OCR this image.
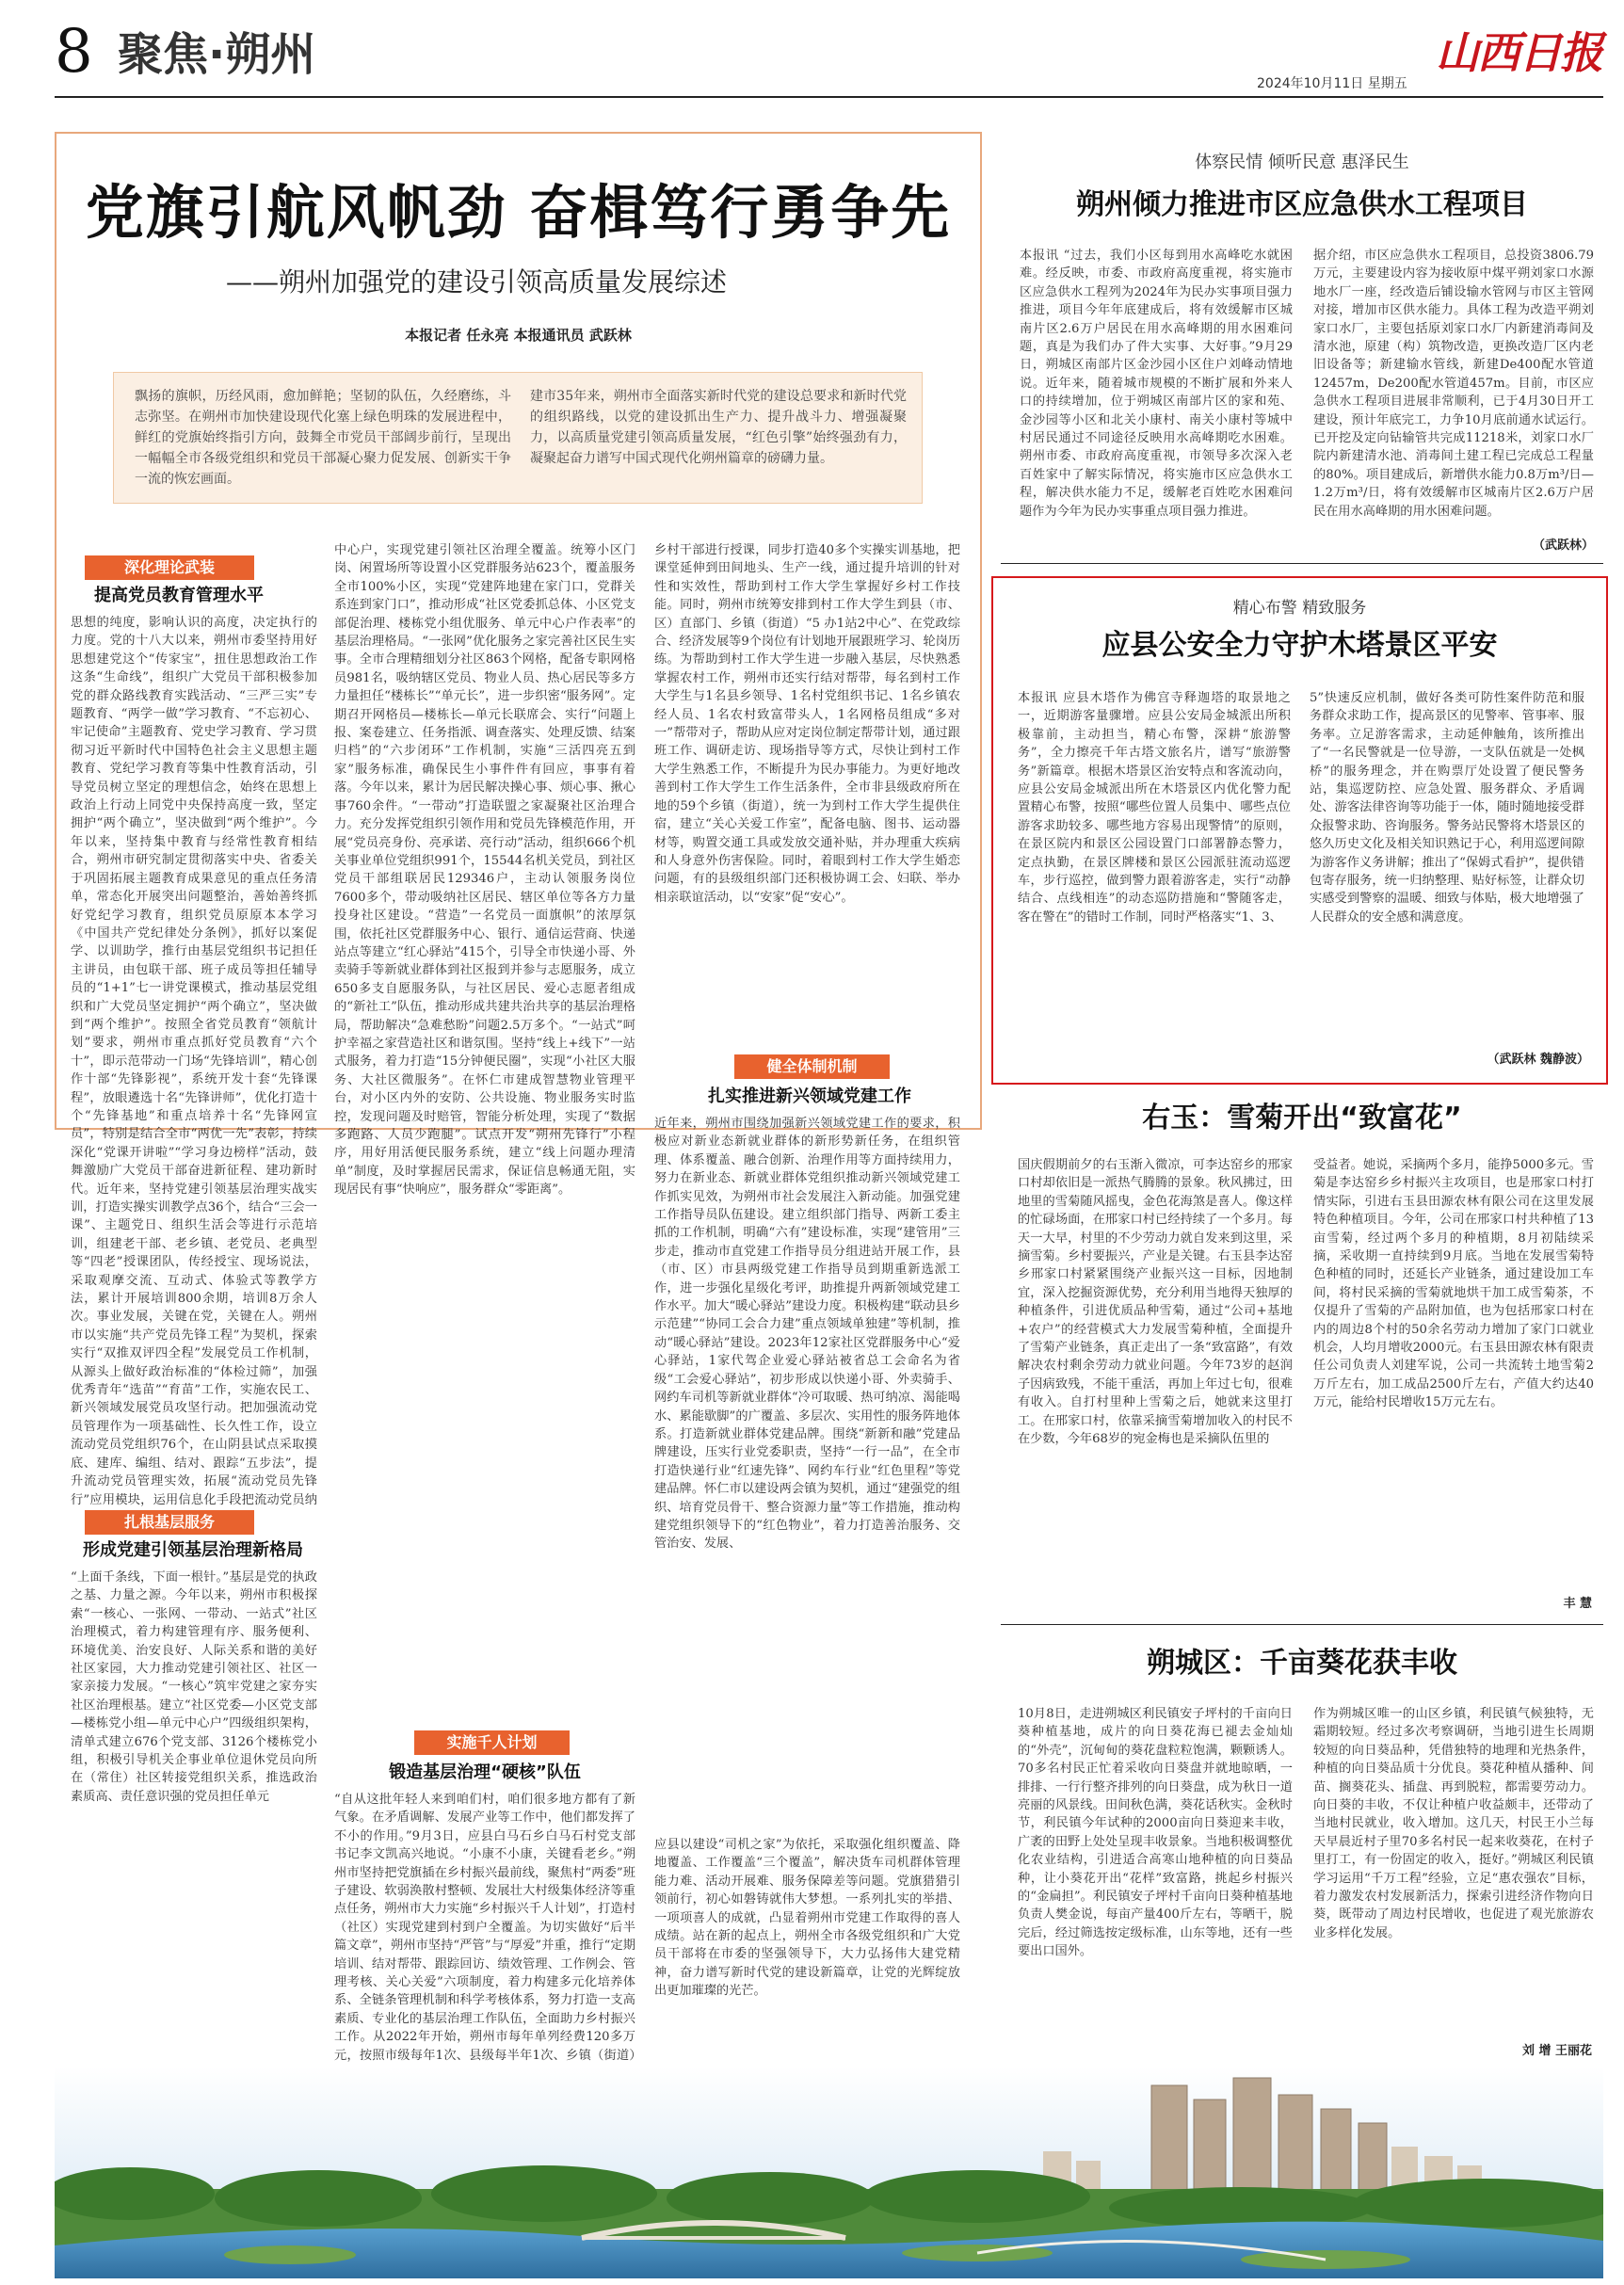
8 聚焦·朔州
2024年10月11日 星期五
山西日报
党旗引航风帆劲 奋楫笃行勇争先
——朔州加强党的建设引领高质量发展综述
本报记者 任永亮 本报通讯员 武跃林

飘扬的旗帜，历经风雨，愈加鲜艳；坚韧的队伍，久经磨练，斗志弥坚。在朔州市加快建设现代化塞上绿色明珠的发展进程中，鲜红的党旗始终指引方向，鼓舞全市党员干部阔步前行，呈现出一幅幅全市各级党组织和党员干部凝心聚力促发展、创新实干争一流的恢宏画面。

建市35年来，朔州市全面落实新时代党的建设总要求和新时代党的组织路线，以党的建设抓出生产力、提升战斗力、增强凝聚力，以高质量党建引领高质量发展，“红色引擎”始终强劲有力，凝聚起奋力谱写中国式现代化朔州篇章的磅礴力量。

深化理论武装
提高党员教育管理水平

思想的纯度，影响认识的高度，决定执行的力度。党的十八大以来，朔州市委坚持用好思想建党这个“传家宝”，扭住思想政治工作这条“生命线”，组织广大党员干部积极参加党的群众路线教育实践活动、“三严三实”专题教育、“两学一做”学习教育、“不忘初心、牢记使命”主题教育、党史学习教育、学习贯彻习近平新时代中国特色社会主义思想主题教育、党纪学习教育等集中性教育活动，引导党员树立坚定的理想信念，始终在思想上政治上行动上同党中央保持高度一致，坚定拥护“两个确立”，坚决做到“两个维护”。今年以来，坚持集中教育与经常性教育相结合，朔州市研究制定贯彻落实中央、省委关于巩固拓展主题教育成果意见的重点任务清单，常态化开展突出问题整治，善始善终抓好党纪学习教育，组织党员原原本本学习《中国共产党纪律处分条例》，抓好以案促学、以训助学，推行由基层党组织书记担任主讲员，由包联干部、班子成员等担任辅导员的“1+1”七一讲党课模式，推动基层党组织和广大党员坚定拥护“两个确立”，坚决做到“两个维护”。按照全省党员教育“领航计划”要求，朔州市重点抓好党员教育“六个十”，即示范带动一门场“先锋培训”，精心创作十部“先锋影视”，系统开发十套“先锋课程”，放眼遴选十名“先锋讲师”，优化打造十个“先锋基地”和重点培养十名“先锋网宣员”，特别是结合全市“两优一先”表彰，持续深化“党课开讲啦”“学习身边榜样”活动，鼓舞激励广大党员干部奋进新征程、建功新时代。近年来，坚持党建引领基层治理实战实训，打造实操实训教学点36个，结合“三会一课”、主题党日、组织生活会等进行示范培训，组建老干部、老乡镇、老党员、老典型等“四老”授课团队，传经授宝、现场说法，采取观摩交流、互动式、体验式等教学方法，累计开展培训800余期，培训8万余人次。事业发展，关键在党，关键在人。朔州市以实施“共产党员先锋工程”为契机，探索实行“双推双评四全程”发展党员工作机制，从源头上做好政治标准的“体检过筛”，加强优秀青年“选苗”“育苗”工作，实施农民工、新兴领域发展党员攻坚行动。把加强流动党员管理作为一项基础性、长久性工作，设立流动党员党组织76个，在山阴县试点采取摸底、建库、编组、结对、跟踪“五步法”，提升流动党员管理实效，拓展“流动党员先锋行”应用模块，运用信息化手段把流动党员纳

扎根基层服务
形成党建引领基层治理新格局

“上面千条线，下面一根针。”基层是党的执政之基、力量之源。今年以来，朔州市积极探索“一核心、一张网、一带动、一站式”社区治理模式，着力构建管理有序、服务便利、环境优美、治安良好、人际关系和谐的美好社区家园，大力推动党建引领社区、社区一家亲接力发展。“一核心”筑牢党建之家夯实社区治理根基。建立“社区党委—小区党支部—楼栋党小组—单元中心户”四级组织架构，清单式建立676个党支部、3126个楼栋党小组，积极引导机关企事业单位退休党员向所在（常住）社区转接党组织关系，推选政治素质高、责任意识强的党员担任单元

中心户，实现党建引领社区治理全覆盖。统筹小区门岗、闲置场所等设置小区党群服务站623个，覆盖服务全市100%小区，实现“党建阵地建在家门口，党群关系连到家门口”，推动形成“社区党委抓总体、小区党支部促治理、楼栋党小组优服务、单元中心户作表率”的基层治理格局。“一张网”优化服务之家完善社区民生实事。全市合理精细划分社区863个网格，配备专职网格员981名，吸纳辖区党员、物业人员、热心居民等多方力量担任“楼栋长”“单元长”，进一步织密“服务网”。定期召开网格员—楼栋长—单元长联席会、实行“问题上报、案卷建立、任务指派、调查落实、处理反馈、结案归档”的“六步闭环”工作机制，实施“三活四亮五到家”服务标准，确保民生小事件件有回应，事事有着落。今年以来，累计为居民解决操心事、烦心事、揪心事760余件。“一带动”打造联盟之家凝聚社区治理合力。充分发挥党组织引领作用和党员先锋模范作用，开展“党员亮身份、亮承诺、亮行动”活动，组织666个机关事业单位党组织991个，15544名机关党员，到社区党员干部组联居民129346户，主动认领服务岗位7600多个，带动吸纳社区居民、辖区单位等各方力量投身社区建设。“营造”一名党员一面旗帜”的浓厚氛围，依托社区党群服务中心、银行、通信运营商、快递站点等建立“红心驿站”415个，引导全市快递小哥、外卖骑手等新就业群体到社区报到并参与志愿服务，成立650多支自愿服务队，与社区居民、爱心志愿者组成的“新社工”队伍，推动形成共建共治共享的基层治理格局，帮助解决“急难愁盼”问题2.5万多个。“一站式”呵护幸福之家营造社区和谐氛围。坚持“线上+线下”一站式服务，着力打造“15分钟便民圈”，实现“小社区大服务、大社区微服务”。在怀仁市建成智慧物业管理平台，对小区内外的安防、公共设施、物业服务实时监控，发现问题及时赔管，智能分析处理，实现了“数据多跑路、人员少跑腿”。试点开发“朔州先锋行”小程序，用好用活便民服务系统，建立“线上问题办理清单”制度，及时掌握居民需求，保证信息畅通无阻，实现居民有事“快响应”，服务群众“零距离”。

实施千人计划
锻造基层治理“硬核”队伍

“自从这批年轻人来到咱们村，咱们很多地方都有了新气象。在矛盾调解、发展产业等工作中，他们都发挥了不小的作用。”9月3日，应县白马石乡白马石村党支部书记李文凯高兴地说。“小康不小康，关键看老乡。”朔州市坚持把党旗插在乡村振兴最前线，聚焦村“两委”班子建设、软弱涣散村整顿、发展壮大村级集体经济等重点任务，朔州市大力实施“乡村振兴千人计划”，打造村（社区）实现党建到村到户全覆盖。为切实做好“后半篇文章”，朔州市坚持“严管”与“厚爱”并重，推行“定期培训、结对帮带、跟踪回访、绩效管理、工作例会、管理考核、关心关爱”六项制度，着力构建多元化培养体系、全链条管理机制和科学考核体系，努力打造一支高素质、专业化的基层治理工作队伍，全面助力乡村振兴工作。从2022年开始，朔州市每年单列经费120多万元，按照市级每年1次、县级每半年1次、乡镇（街道）

乡村干部进行授课，同步打造40多个实操实训基地，把课堂延伸到田间地头、生产一线，通过提升培训的针对性和实效性，帮助到村工作大学生掌握好乡村工作技能。同时，朔州市统筹安排到村工作大学生到县（市、区）直部门、乡镇（街道）“5 办1站2中心”、在党政综合、经济发展等9个岗位有计划地开展跟班学习、轮岗历练。为帮助到村工作大学生进一步融入基层，尽快熟悉掌握农村工作，朔州市还实行结对帮带，每名到村工作大学生与1名县乡领导、1名村党组织书记、1名乡镇农经人员、1名农村致富带头人，1名网格员组成“多对一”帮带对子，帮助从应对定岗位制定帮带计划，通过跟班工作、调研走访、现场指导等方式，尽快让到村工作大学生熟悉工作，不断提升为民办事能力。为更好地改善到村工作大学生工作生活条件，全市非县级政府所在地的59个乡镇（街道），统一为到村工作大学生提供住宿，建立“关心关爱工作室”，配备电脑、图书、运动器材等，购置交通工具或发放交通补贴，并办理重大疾病和人身意外伤害保险。同时，着眼到村工作大学生婚恋问题，有的县级组织部门还积极协调工会、妇联、举办相亲联谊活动，以“安家”促“安心”。

健全体制机制
扎实推进新兴领域党建工作

近年来，朔州市围绕加强新兴领域党建工作的要求，积极应对新业态新就业群体的新形势新任务，在组织管理、体系覆盖、融合创新、治理作用等方面持续用力，努力在新业态、新就业群体党组织推动新兴领域党建工作抓实见效，为朔州市社会发展注入新动能。加强党建工作指导员队伍建设。建立组织部门指导、两新工委主抓的工作机制，明确“六有”建设标准，实现“建管用”三步走，推动市直党建工作指导员分组进站开展工作，县（市、区）市县两级党建工作指导员到期重新选派工作，进一步强化星级化考评，助推提升两新领域党建工作水平。加大“暖心驿站”建设力度。积极构建“联动县乡示范建”“协同工会合力建”重点领域单独建”等机制，推动“暖心驿站”建设。2023年12家社区党群服务中心“爱心驿站，1家代驾企业爱心驿站被省总工会命名为省级“工会爱心驿站”，初步形成以快递小哥、外卖骑手、网约车司机等新就业群体“冷可取暖、热可纳凉、渴能喝水、累能歇脚”的广覆盖、多层次、实用性的服务阵地体系。打造新就业群体党建品牌。围绕“新新和融”党建品牌建设，压实行业党委职责，坚持“一行一品”，在全市打造快递行业“红速先锋”、网约车行业“红色里程”等党建品牌。怀仁市以建设两会镇为契机，通过“建强党的组织、培育党员骨干、整合资源力量”等工作措施，推动构建党组织领导下的“红色物业”，着力打造善治服务、交管治安、发展、

应县以建设“司机之家”为依托，采取强化组织覆盖、降地覆盖、工作覆盖“三个覆盖”，解决货车司机群体管理能力难、活动开展难、服务保障差等问题。党旗猎猎引领前行，初心如磐铸就伟大梦想。一系列扎实的举措、一项项喜人的成就，凸显着朔州市党建工作取得的喜人成绩。站在新的起点上，朔州全市各级党组织和广大党员干部将在市委的坚强领导下，大力弘扬伟大建党精神，奋力谱写新时代党的建设新篇章，让党的光辉绽放出更加璀璨的光芒。

体察民情 倾听民意 惠泽民生
朔州倾力推进市区应急供水工程项目

本报讯 “过去，我们小区每到用水高峰吃水就困难。经反映，市委、市政府高度重视，将实施市区应急供水工程列为2024年为民办实事项目强力推进，项目今年年底建成后，将有效缓解市区城南片区2.6万户居民在用水高峰期的用水困难问题，真是为我们办了件大实事、大好事。”9月29日，朔城区南部片区金沙园小区住户刘峰动情地说。近年来，随着城市规模的不断扩展和外来人口的持续增加，位于朔城区南部片区的家和苑、金沙园等小区和北关小康村、南关小康村等城中村居民通过不同途径反映用水高峰期吃水困难。朔州市委、市政府高度重视，市领导多次深入老百姓家中了解实际情况，将实施市区应急供水工程，解决供水能力不足，缓解老百姓吃水困难问题作为今年为民办实事重点项目强力推进。

据介绍，市区应急供水工程项目，总投资3806.79万元，主要建设内容为接收原中煤平朔刘家口水源地水厂一座，经改造后铺设输水管网与市区主管网对接，增加市区供水能力。具体工程为改造平朔刘家口水厂，主要包括原刘家口水厂内新建消毒间及清水池，原建（构）筑物改造，更换改造厂区内老旧设备等；新建输水管线，新建De400配水管道12457m，De200配水管道457m。目前，市区应急供水工程项目进展非常顺利，已于4月30日开工建设，预计年底完工，力争10月底前通水试运行。已开挖及定向钻输管共完成11218米，刘家口水厂院内新建清水池、消毒间土建工程已完成总工程量的80%。项目建成后，新增供水能力0.8万m³/日—1.2万m³/日，将有效缓解市区城南片区2.6万户居民在用水高峰期的用水困难问题。

（武跃林）
精心布警 精致服务
应县公安全力守护木塔景区平安

本报讯 应县木塔作为佛宫寺释迦塔的取景地之一，近期游客量骤增。应县公安局金城派出所积极靠前，主动担当，精心布警，深耕“旅游警务”，全力擦亮千年古塔文旅名片，谱写“旅游警务”新篇章。根据木塔景区治安特点和客流动向，应县公安局金城派出所在木塔景区内优化警力配置精心布警，按照“哪些位置人员集中、哪些点位游客求助较多、哪些地方容易出现警情”的原则，在景区院内和景区公园设置门口部署静态警力，定点执勤，在景区牌楼和景区公园派驻流动巡逻车，步行巡控，做到警力跟着游客走，实行“动静结合、点线相连”的动态巡防措施和“警随客走，客在警在”的错时工作制，同时严格落实“1、3、

5”快速反应机制，做好各类可防性案件防范和服务群众求助工作，提高景区的见警率、管事率、服务率。立足游客需求，主动延伸触角，该所推出了“一名民警就是一位导游，一支队伍就是一处枫桥”的服务理念，并在购票厅处设置了便民警务站，集巡逻防控、应急处置、服务群众、矛盾调处、游客法律咨询等功能于一体，随时随地接受群众报警求助、咨询服务。警务站民警将木塔景区的悠久历史文化及相关知识熟记于心，利用巡逻间隙为游客作义务讲解；推出了“保姆式看护”，提供错包寄存服务，统一归纳整理、贴好标签，让群众切实感受到警察的温暖、细致与体贴，极大地增强了人民群众的安全感和满意度。

（武跃林 魏静波）
右玉：雪菊开出“致富花”

国庆假期前夕的右玉渐入微凉，可李达窑乡的邢家口村却依旧是一派热气腾腾的景象。秋风拂过，田地里的雪菊随风摇曳，金色花海煞是喜人。像这样的忙碌场面，在邢家口村已经持续了一个多月。每天一大早，村里的不少劳动力就自发来到这里，采摘雪菊。乡村要振兴，产业是关键。右玉县李达窑乡邢家口村紧紧围绕产业振兴这一目标，因地制宜，深入挖掘资源优势，充分利用当地得天独厚的种植条件，引进优质品种雪菊，通过“公司+基地+农户”的经营模式大力发展雪菊种植，全面提升了雪菊产业链条，真正走出了一条“致富路”，有效解决农村剩余劳动力就业问题。今年73岁的赵润子因病致残，不能干重活，再加上年过七旬，很难有收入。自打村里种上雪菊之后，她就来这里打工。在邢家口村，依靠采摘雪菊增加收入的村民不在少数，今年68岁的宛金梅也是采摘队伍里的

受益者。她说，采摘两个多月，能挣5000多元。雪菊是李达窑乡乡村振兴主攻项目，也是邢家口村打情实际，引进右玉县田源农林有限公司在这里发展特色种植项目。今年，公司在邢家口村共种植了13亩雪菊，经过两个多月的种植期，8月初陆续采摘，采收期一直持续到9月底。当地在发展雪菊特色种植的同时，还延长产业链条，通过建设加工车间，将村民采摘的雪菊就地烘干加工成雪菊茶，不仅提升了雪菊的产品附加值，也为包括邢家口村在内的周边8个村的50余名劳动力增加了家门口就业机会，人均月增收2000元。右玉县田源农林有限责任公司负责人刘建军说，公司一共流转土地雪菊2万斤左右，加工成品2500斤左右，产值大约达40万元，能给村民增收15万元左右。

丰 慧
朔城区：千亩葵花获丰收

10月8日，走进朔城区利民镇安子坪村的千亩向日葵种植基地，成片的向日葵花海已褪去金灿灿的“外壳”，沉甸甸的葵花盘粒粒饱满，颗颗诱人。70多名村民正忙着采收向日葵盘并就地晾晒，一排排、一行行整齐排列的向日葵盘，成为秋日一道亮丽的风景线。田间秋色满，葵花话秋实。金秋时节，利民镇今年试种的2000亩向日葵迎来丰收，广袤的田野上处处呈现丰收景象。当地积极调整优化农业结构，引进适合高寒山地种植的向日葵品种，让小葵花开出“花样”致富路，挑起乡村振兴的“金扁担”。利民镇安子坪村千亩向日葵种植基地负责人樊金说，每亩产量400斤左右，等晒干，脱完后，经过筛选按定级标准，山东等地，还有一些要出口国外。

作为朔城区唯一的山区乡镇，利民镇气候独特，无霜期较短。经过多次考察调研，当地引进生长周期较短的向日葵品种，凭借独特的地理和光热条件，种植的向日葵品质十分优良。葵花种植从播种、间苗、搁葵花头、插盘、再到脱粒，都需要劳动力。向日葵的丰收，不仅让种植户收益颇丰，还带动了当地村民就业，收入增加。这几天，村民王小兰每天早晨近村子里70多名村民一起来收葵花，在村子里打工，有一份固定的收入，挺好。”朔城区利民镇学习运用“千万工程”经验，立足“惠农强农”目标，着力激发农村发展新活力，探索引进经济作物向日葵，既带动了周边村民增收，也促进了观光旅游农业多样化发展。

刘 增 王丽花
